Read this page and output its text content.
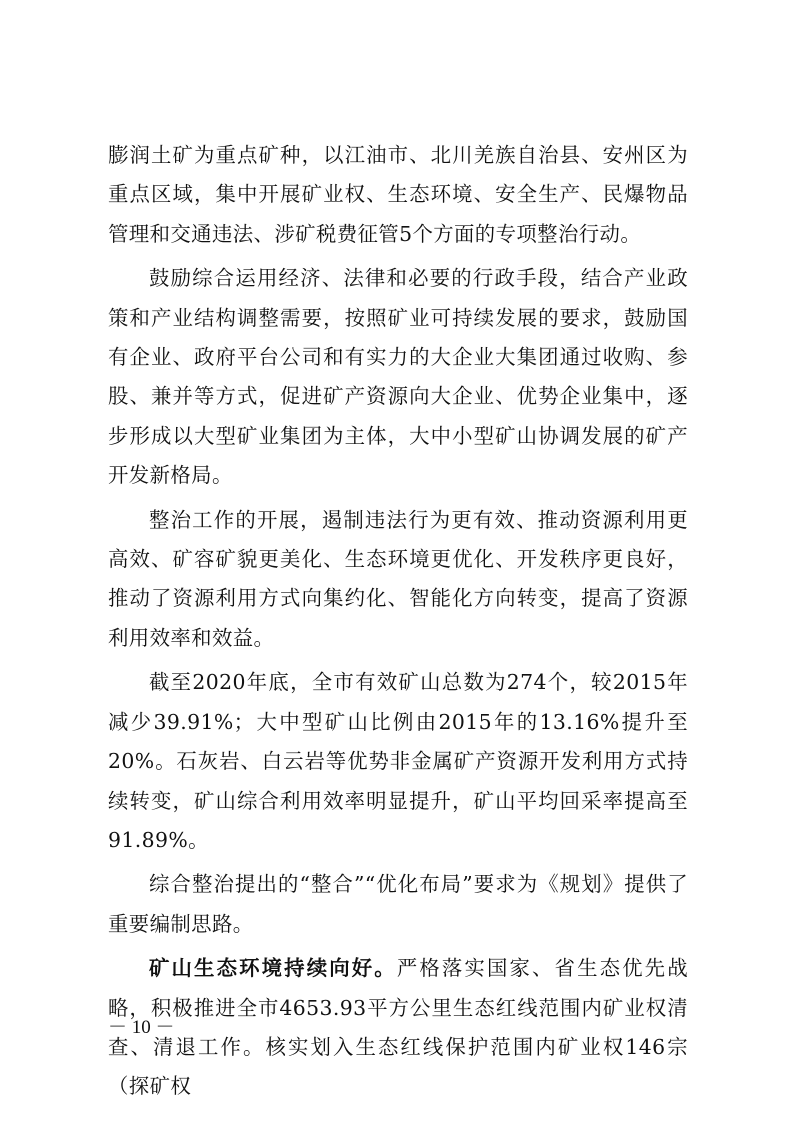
膨润土矿为重点矿种，以江油市、北川羌族自治县、安州区为重点区域，集中开展矿业权、生态环境、安全生产、民爆物品管理和交通违法、涉矿税费征管5个方面的专项整治行动。

鼓励综合运用经济、法律和必要的行政手段，结合产业政策和产业结构调整需要，按照矿业可持续发展的要求，鼓励国有企业、政府平台公司和有实力的大企业大集团通过收购、参股、兼并等方式，促进矿产资源向大企业、优势企业集中，逐步形成以大型矿业集团为主体，大中小型矿山协调发展的矿产开发新格局。

整治工作的开展，遏制违法行为更有效、推动资源利用更高效、矿容矿貌更美化、生态环境更优化、开发秩序更良好，推动了资源利用方式向集约化、智能化方向转变，提高了资源利用效率和效益。

截至2020年底，全市有效矿山总数为274个，较2015年减少39.91%；大中型矿山比例由2015年的13.16%提升至20%。石灰岩、白云岩等优势非金属矿产资源开发利用方式持续转变，矿山综合利用效率明显提升，矿山平均回采率提高至91.89%。

综合整治提出的“整合”“优化布局”要求为《规划》提供了重要编制思路。

矿山生态环境持续向好。严格落实国家、省生态优先战略，积极推进全市4653.93平方公里生态红线范围内矿业权清查、清退工作。核实划入生态红线保护范围内矿业权146宗（探矿权

－ 10 －
